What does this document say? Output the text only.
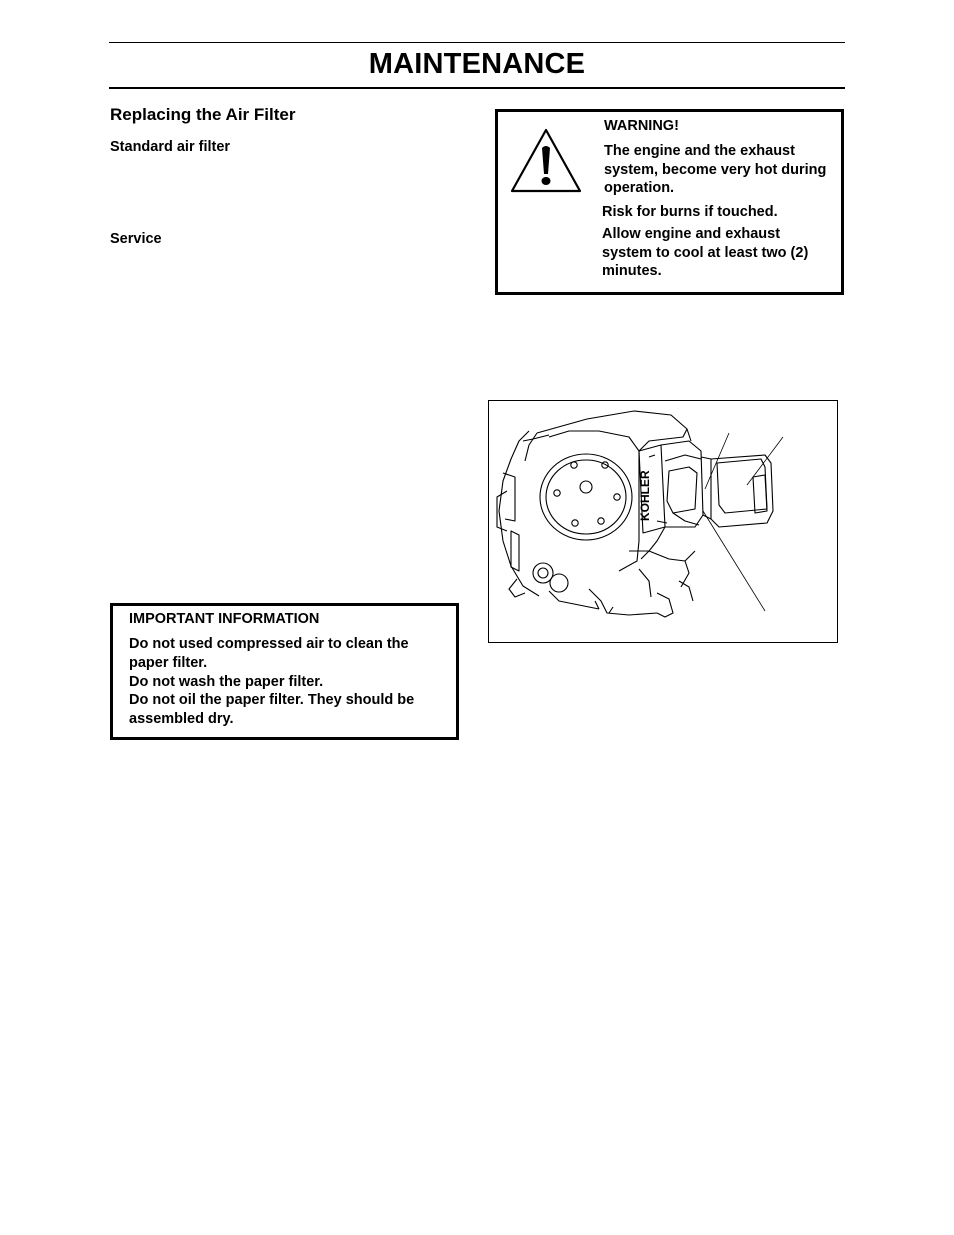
MAINTENANCE
Replacing the Air Filter
Standard air filter
Service
WARNING!
The engine and the exhaust system, become very hot during operation.
Risk for burns if touched.
Allow engine and exhaust system to cool at least two (2) minutes.
KOHLER
IMPORTANT INFORMATION
Do not used compressed air to clean the paper filter.
Do not wash the paper filter.
Do not oil the paper filter. They should be assembled dry.
